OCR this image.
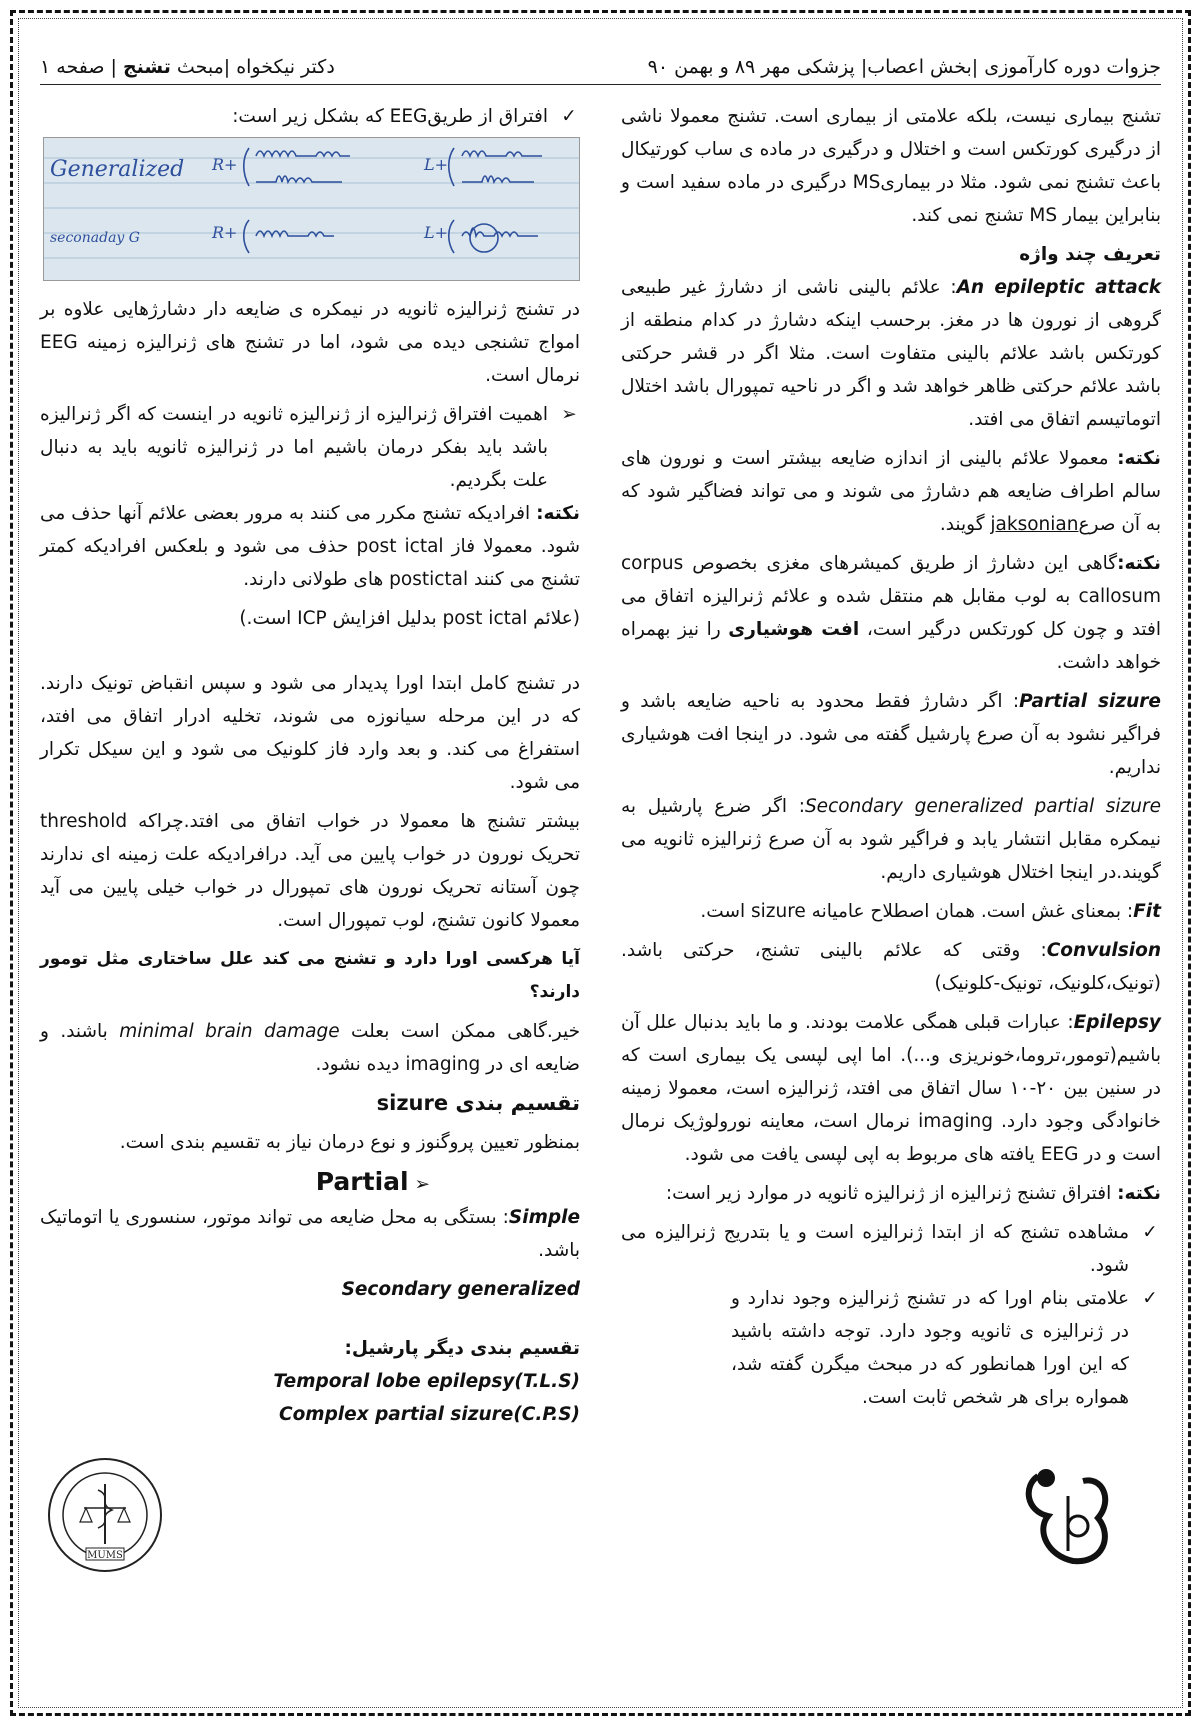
دکتر نیکخواه |مبحث تشنج | صفحه ۱	جزوات دوره کارآموزی |بخش اعصاب| پزشکی مهر ۸۹ و بهمن ۹۰

تشنج بیماری نیست، بلکه علامتی از بیماری است. تشنج معمولا ناشی از درگیری کورتکس است و اختلال و درگیری در ماده ی ساب کورتیکال باعث تشنج نمی شود. مثلا در بیماریMS درگیری در ماده سفید است و بنابراین بیمار MS تشنج نمی کند.

تعریف چند واژه

An epileptic attack: علائم بالینی ناشی از دشارژ غیر طبیعی گروهی از نورون ها در مغز. برحسب اینکه دشارژ در کدام منطقه از کورتکس باشد علائم بالینی متفاوت است. مثلا اگر در قشر حرکتی باشد علائم حرکتی ظاهر خواهد شد و اگر در ناحیه تمپورال باشد اختلال اتوماتیسم اتفاق می افتد.

نکته: معمولا علائم بالینی از اندازه ضایعه بیشتر است و نورون های سالم اطراف ضایعه هم دشارژ می شوند و می تواند فضاگیر شود که به آن صرعjaksonian گویند.

نکته:گاهی این دشارژ از طریق کمیشرهای مغزی بخصوص corpus callosum به لوب مقابل هم منتقل شده و علائم ژنرالیزه اتفاق می افتد و چون کل کورتکس درگیر است، افت هوشیاری را نیز بهمراه خواهد داشت.

Partial sizure: اگر دشارژ فقط محدود به ناحیه ضایعه باشد و فراگیر نشود به آن صرع پارشیل گفته می شود. در اینجا افت هوشیاری نداریم.

Secondary generalized partial sizure: اگر ضرع پارشیل به نیمکره مقابل انتشار یابد و فراگیر شود به آن صرع ژنرالیزه ثانویه می گویند.در اینجا اختلال هوشیاری داریم.

Fit: بمعنای غش است. همان اصطلاح عامیانه sizure است.

Convulsion: وقتی که علائم بالینی تشنج، حرکتی باشد.(تونیک،کلونیک، تونیک-کلونیک)

Epilepsy: عبارات قبلی همگی علامت بودند. و ما باید بدنبال علل آن باشیم(تومور،تروما،خونریزی و...). اما اپی لپسی یک بیماری است که در سنین بین ۲۰-۱۰ سال اتفاق می افتد، ژنرالیزه است، معمولا زمینه خانوادگی وجود دارد. imaging نرمال است، معاینه نورولوژیک نرمال است و در EEG یافته های مربوط به اپی لپسی یافت می شود.

نکته: افتراق تشنج ژنرالیزه از ژنرالیزه ثانویه در موارد زیر است:

✓
مشاهده تشنج که از ابتدا ژنرالیزه است و یا بتدریج ژنرالیزه می شود.
✓
علامتی بنام اورا که در تشنج ژنرالیزه وجود ندارد و در ژنرالیزه ی ثانویه وجود دارد. توجه داشته باشید که این اورا همانطور که در مبحث میگرن گفته شد، همواره برای هر شخص ثابت است.
✓
افتراق از طریقEEG که بشکل زیر است:
Generalized
seconaday G
R+	L+
R+	L+

در تشنج ژنرالیزه ثانویه در نیمکره ی ضایعه دار دشارژهایی علاوه بر امواج تشنجی دیده می شود، اما در تشنج های ژنرالیزه زمینه EEG نرمال است.

➢
اهمیت افتراق ژنرالیزه از ژنرالیزه ثانویه در اینست که اگر ژنرالیزه باشد باید بفکر درمان باشیم اما در ژنرالیزه ثانویه باید به دنبال علت بگردیم.

نکته: افرادیکه تشنج مکرر می کنند به مرور بعضی علائم آنها حذف می شود. معمولا فاز post ictal حذف می شود و بلعکس افرادیکه کمتر تشنج می کنند postictal های طولانی دارند.

(علائم post ictal بدلیل افزایش ICP است.)

در تشنج کامل ابتدا اورا پدیدار می شود و سپس انقباض تونیک دارند. که در این مرحله سیانوزه می شوند، تخلیه ادرار اتفاق می افتد، استفراغ می کند. و بعد وارد فاز کلونیک می شود و این سیکل تکرار می شود.

بیشتر تشنج ها معمولا در خواب اتفاق می افتد.چراکه threshold تحریک نورون در خواب پایین می آید. درافرادیکه علت زمینه ای ندارند چون آستانه تحریک نورون های تمپورال در خواب خیلی پایین می آید معمولا کانون تشنج، لوب تمپورال است.

آیا هرکسی اورا دارد و تشنج می کند علل ساختاری مثل تومور دارند؟

خیر.گاهی ممکن است بعلت minimal brain damage باشند. و ضایعه ای در imaging دیده نشود.

تقسیم بندی sizure

بمنظور تعیین پروگنوز و نوع درمان نیاز به تقسیم بندی است.

➢ Partial

Simple: بستگی به محل ضایعه می تواند موتور، سنسوری یا اتوماتیک باشد.

Secondary generalized
تقسیم بندی دیگر پارشیل:
Temporal lobe epilepsy(T.L.S)
Complex partial sizure(C.P.S)
MUMS
